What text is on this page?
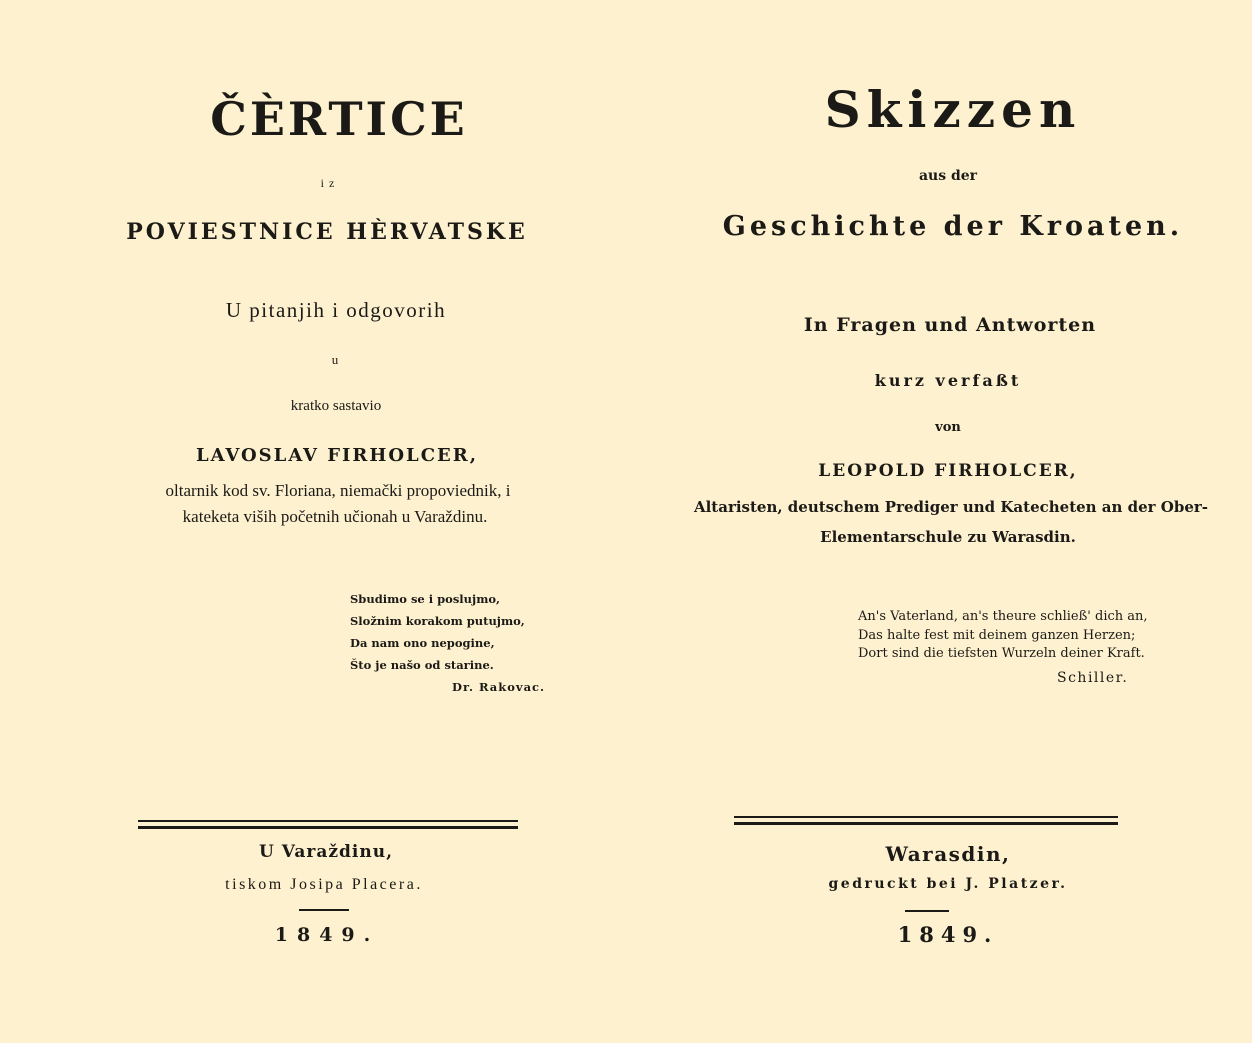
ČÈRTICE
iz
POVIESTNICE HÈRVATSKE
U pitanjih i odgovorih
u
kratko sastavio
LAVOSLAV FIRHOLCER,
oltarnik kod sv. Floriana, niemački propoviednik, i
kateketa viših početnih učionah u Varaždinu.
Sbudimo se i poslujmo,
Složnim korakom putujmo,
Da nam ono nepogine,
Što je našo od starine.
Dr. Rakovac.
U Varaždinu,
tiskom Josipa Placera.
1849.
Skizzen
aus der
Geschichte der Kroaten.
In Fragen und Antworten
kurz verfaßt
von
LEOPOLD FIRHOLCER,
Altaristen, deutschem Prediger und Katecheten an der Ober-
Elementarschule zu Warasdin.
An's Vaterland, an's theure schließ' dich an,
Das halte fest mit deinem ganzen Herzen;
Dort sind die tiefsten Wurzeln deiner Kraft.
Schiller.
Warasdin,
gedruckt bei J. Platzer.
1849.
